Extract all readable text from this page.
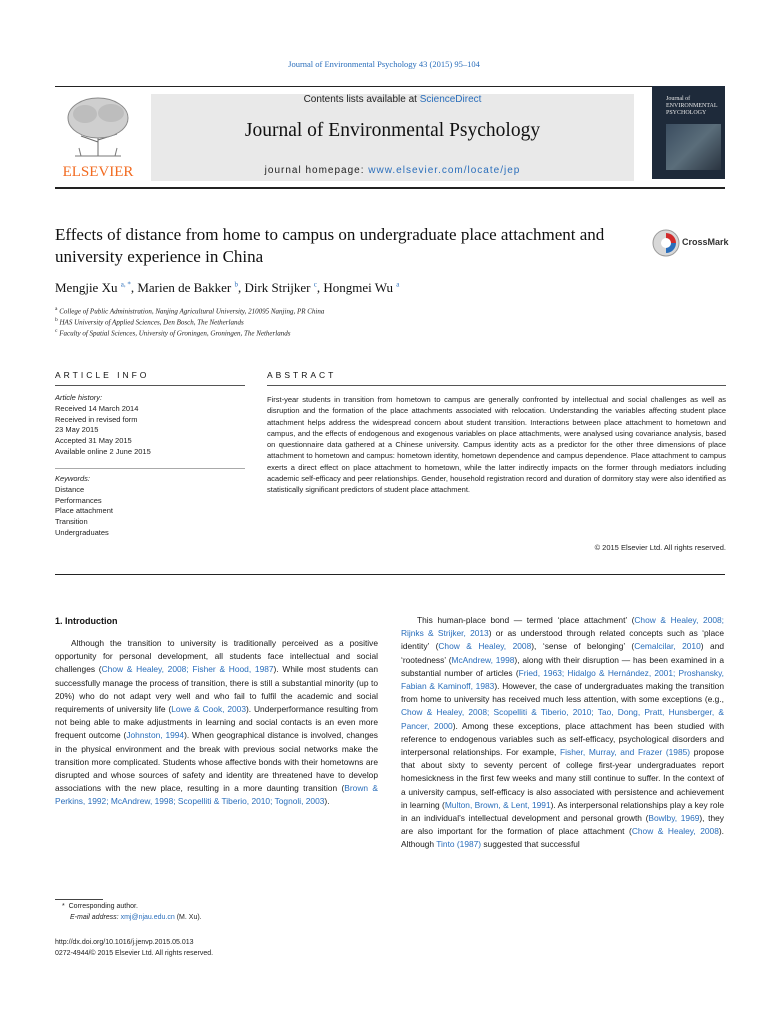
Journal of Environmental Psychology 43 (2015) 95–104
ELSEVIER
Contents lists available at ScienceDirect
Journal of Environmental Psychology
journal homepage: www.elsevier.com/locate/jep
Journal of ENVIRONMENTAL PSYCHOLOGY
Effects of distance from home to campus on undergraduate place attachment and university experience in China
CrossMark
Mengjie Xu $^{a, *}$, Marien de Bakker $^b$, Dirk Strijker $^c$, Hongmei Wu $^a$
$^a$ College of Public Administration, Nanjing Agricultural University, 210095 Nanjing, PR China
$^b$ HAS University of Applied Sciences, Den Bosch, The Netherlands
$^c$ Faculty of Spatial Sciences, University of Groningen, Groningen, The Netherlands
ARTICLE INFO	ABSTRACT
Article history:
Received 14 March 2014
Received in revised form
23 May 2015
Accepted 31 May 2015
Available online 2 June 2015
Keywords:
Distance
Performances
Place attachment
Transition
Undergraduates
First-year students in transition from hometown to campus are generally confronted by intellectual and social challenges as well as disruption and the formation of the place attachments associated with relocation. Understanding the variables affecting student place attachment helps address the widespread concern about student transition. Interactions between place attachment to hometown and campus, and the effects of endogenous and exogenous variables on place attachments, were analysed using covariance analysis, based on questionnaire data gathered at a Chinese university. Campus identity acts as a predictor for the other three dimensions of place attachment to hometown and campus: hometown identity, hometown dependence and campus dependence. Place attachment to campus exerts a direct effect on place attachment to hometown, while the latter indirectly impacts on the former through mediators including academic self-efficacy and peer relationships. Gender, household registration record and duration of dormitory stay were also identified as statistically significant predictors of student place attachment.
© 2015 Elsevier Ltd. All rights reserved.
1. Introduction

Although the transition to university is traditionally perceived as a positive opportunity for personal development, all students face intellectual and social challenges (Chow & Healey, 2008; Fisher & Hood, 1987). While most students can successfully manage the process of transition, there is still a substantial minority (up to 20%) who do not adapt very well and who fail to fulfil the academic and social requirements of university life (Lowe & Cook, 2003). Underperformance resulting from not being able to make adjustments in learning and social contacts is an even more frequent outcome (Johnston, 1994). When geographical distance is involved, changes in the physical environment and the break with previous social networks make the transition more complicated. Students whose affective bonds with their hometowns are disrupted and whose sources of safety and identity are threatened have to develop associations with the new place, resulting in a more daunting transition (Brown & Perkins, 1992; McAndrew, 1998; Scopelliti & Tiberio, 2010; Tognoli, 2003).

This human-place bond — termed ‘place attachment’ (Chow & Healey, 2008; Rijnks & Strijker, 2013) or as understood through related concepts such as ‘place identity’ (Chow & Healey, 2008), ‘sense of belonging’ (Cemalcilar, 2010) and ‘rootedness’ (McAndrew, 1998), along with their disruption — has been examined in a substantial number of articles (Fried, 1963; Hidalgo & Hernández, 2001; Proshansky, Fabian & Kaminoff, 1983). However, the case of undergraduates making the transition from home to university has received much less attention, with some exceptions (e.g., Chow & Healey, 2008; Scopelliti & Tiberio, 2010; Tao, Dong, Pratt, Hunsberger, & Pancer, 2000). Among these exceptions, place attachment has been studied with reference to endogenous variables such as self-efficacy, psychological disorders and interpersonal relationships. For example, Fisher, Murray, and Frazer (1985) propose that about sixty to seventy percent of college first-year undergraduates report homesickness in the first few weeks and many still continue to suffer. In the context of a university campus, self-efficacy is also associated with persistence and achievement in learning (Multon, Brown, & Lent, 1991). As interpersonal relationships play a key role in an individual’s intellectual development and personal growth (Bowlby, 1969), they are also important for the formation of place attachment (Chow & Healey, 2008). Although Tinto (1987) suggested that successful

* Corresponding author.
E-mail address: xmj@njau.edu.cn (M. Xu).
http://dx.doi.org/10.1016/j.jenvp.2015.05.013
0272-4944/© 2015 Elsevier Ltd. All rights reserved.
